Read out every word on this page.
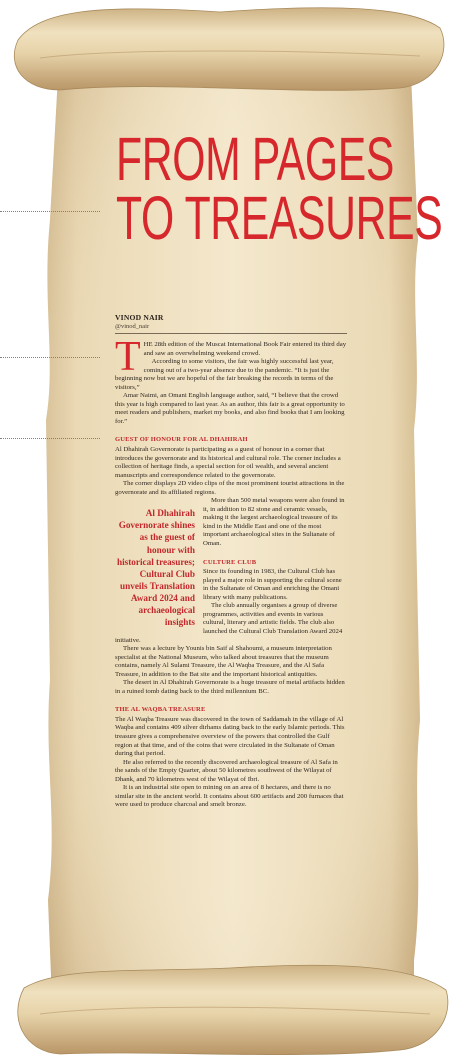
FROM PAGES
TO TREASURES
VINOD NAIR
@vinod_nair

THE 28th edition of the Muscat International Book Fair entered its third day and saw an overwhelming weekend crowd.

According to some visitors, the fair was highly successful last year, coming out of a two-year absence due to the pandemic. “It is just the beginning now but we are hopeful of the fair breaking the records in terms of the visitors,”

Amar Naimi, an Omani English language author, said, “I believe that the crowd this year is high compared to last year. As an author, this fair is a great opportunity to meet readers and publishers, market my books, and also find books that I am looking for.”

GUEST OF HONOUR FOR AL DHAHIRAH

Al Dhahirah Governorate is participating as a guest of honour in a corner that introduces the governorate and its historical and cultural role. The corner includes a collection of heritage finds, a special section for oil wealth, and several ancient manuscripts and correspondence related to the governorate.

The corner displays 2D video clips of the most prominent tourist attractions in the governorate and its affiliated regions.

Al Dhahirah Governorate shines as the guest of honour with historical treasures; Cultural Club unveils Translation Award 2024 and archaeological insights

More than 500 metal weapons were also found in it, in addition to 82 stone and ceramic vessels, making it the largest archaeological treasure of its kind in the Middle East and one of the most important archaeological sites in the Sultanate of Oman.

CULTURE CLUB

Since its founding in 1983, the Cultural Club has played a major role in supporting the cultural scene in the Sultanate of Oman and enriching the Omani library with many publications.

The club annually organises a group of diverse programmes, activities and events in various cultural, literary and artistic fields. The club also launched the Cultural Club Translation Award 2024 initiative.

There was a lecture by Younis bin Saif al Shahoumi, a museum interpretation specialist at the National Museum, who talked about treasures that the museum contains, namely Al Sulami Treasure, the Al Waqba Treasure, and the Al Safa Treasure, in addition to the Bat site and the important historical antiquities.

The desert in Al Dhahirah Governorate is a huge treasure of metal artifacts hidden in a ruined tomb dating back to the third millennium BC.

THE AL WAQBA TREASURE

The Al Waqba Treasure was discovered in the town of Saddamah in the village of Al Waqba and contains 409 silver dirhams dating back to the early Islamic periods. This treasure gives a comprehensive overview of the powers that controlled the Gulf region at that time, and of the coins that were circulated in the Sultanate of Oman during that period.

He also referred to the recently discovered archaeological treasure of Al Safa in the sands of the Empty Quarter, about 50 kilometres southwest of the Wilayat of Dhank, and 70 kilometres west of the Wilayat of Ibri.

It is an industrial site open to mining on an area of 8 hectares, and there is no similar site in the ancient world. It contains about 600 artifacts and 200 furnaces that were used to produce charcoal and smelt bronze.
